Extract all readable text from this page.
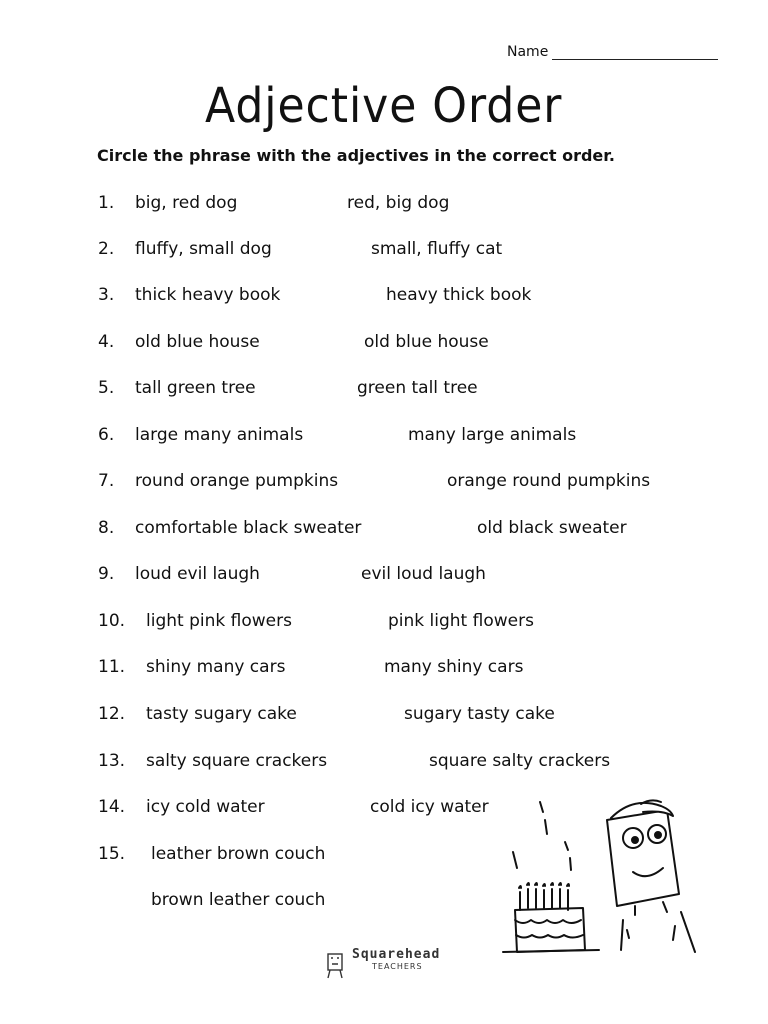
Name
Adjective Order
Circle the phrase with the adjectives in the correct order.
1. big, red dog	red, big dog
2. fluffy, small dog	small, fluffy cat
3. thick heavy book	heavy thick book
4. old blue house	old blue house
5. tall green tree	green tall tree
6. large many animals	many large animals
7. round orange pumpkins	orange round pumpkins
8. comfortable black sweater	old black sweater
9. loud evil laugh	evil loud laugh
10. light pink flowers	pink light flowers
11. shiny many cars	many shiny cars
12. tasty sugary cake	sugary tasty cake
13. salty square crackers	square salty crackers
14. icy cold water	cold icy water
15. leather brown couch
brown leather couch
Squarehead
TEACHERS
